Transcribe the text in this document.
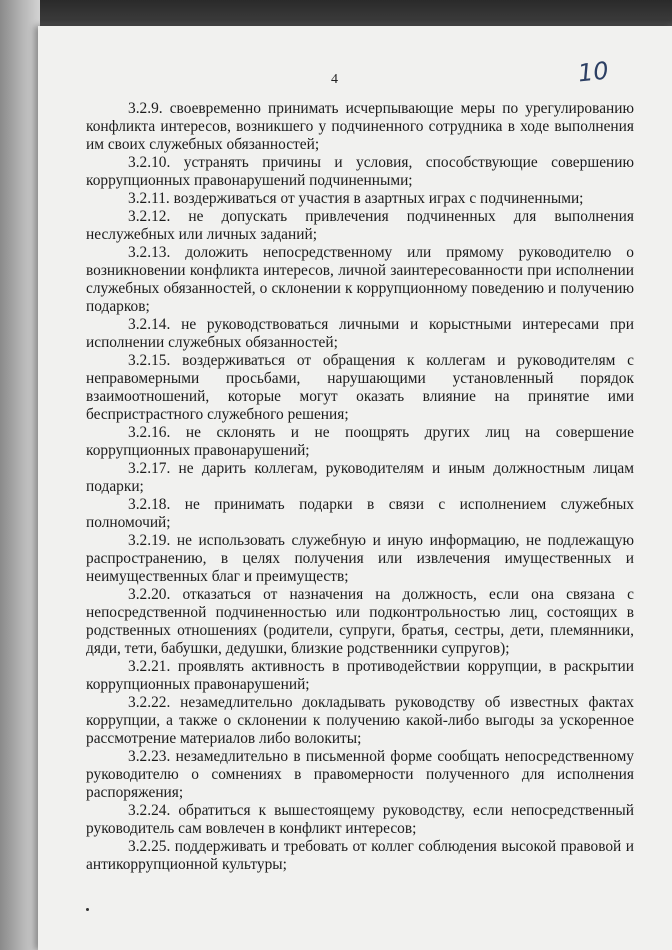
4	10

3.2.9. своевременно принимать исчерпывающие меры по урегулированию конфликта интересов, возникшего у подчиненного сотрудника в ходе выполнения им своих служебных обязанностей;

3.2.10. устранять причины и условия, способствующие совершению коррупционных правонарушений подчиненными;

3.2.11. воздерживаться от участия в азартных играх с подчиненными;

3.2.12. не допускать привлечения подчиненных для выполнения неслужебных или личных заданий;

3.2.13. доложить непосредственному или прямому руководителю о возникновении конфликта интересов, личной заинтересованности при исполнении служебных обязанностей, о склонении к коррупционному поведению и получению подарков;

3.2.14. не руководствоваться личными и корыстными интересами при исполнении служебных обязанностей;

3.2.15. воздерживаться от обращения к коллегам и руководителям с неправомерными просьбами, нарушающими установленный порядок взаимоотношений, которые могут оказать влияние на принятие ими беспристрастного служебного решения;

3.2.16. не склонять и не поощрять других лиц на совершение коррупционных правонарушений;

3.2.17. не дарить коллегам, руководителям и иным должностным лицам подарки;

3.2.18. не принимать подарки в связи с исполнением служебных полномочий;

3.2.19. не использовать служебную и иную информацию, не подлежащую распространению, в целях получения или извлечения имущественных и неимущественных благ и преимуществ;

3.2.20. отказаться от назначения на должность, если она связана с непосредственной подчиненностью или подконтрольностью лиц, состоящих в родственных отношениях (родители, супруги, братья, сестры, дети, племянники, дяди, тети, бабушки, дедушки, близкие родственники супругов);

3.2.21. проявлять активность в противодействии коррупции, в раскрытии коррупционных правонарушений;

3.2.22. незамедлительно докладывать руководству об известных фактах коррупции, а также о склонении к получению какой-либо выгоды за ускоренное рассмотрение материалов либо волокиты;

3.2.23. незамедлительно в письменной форме сообщать непосредственному руководителю о сомнениях в правомерности полученного для исполнения распоряжения;

3.2.24. обратиться к вышестоящему руководству, если непосредственный руководитель сам вовлечен в конфликт интересов;

3.2.25. поддерживать и требовать от коллег соблюдения высокой правовой и антикоррупционной культуры;
